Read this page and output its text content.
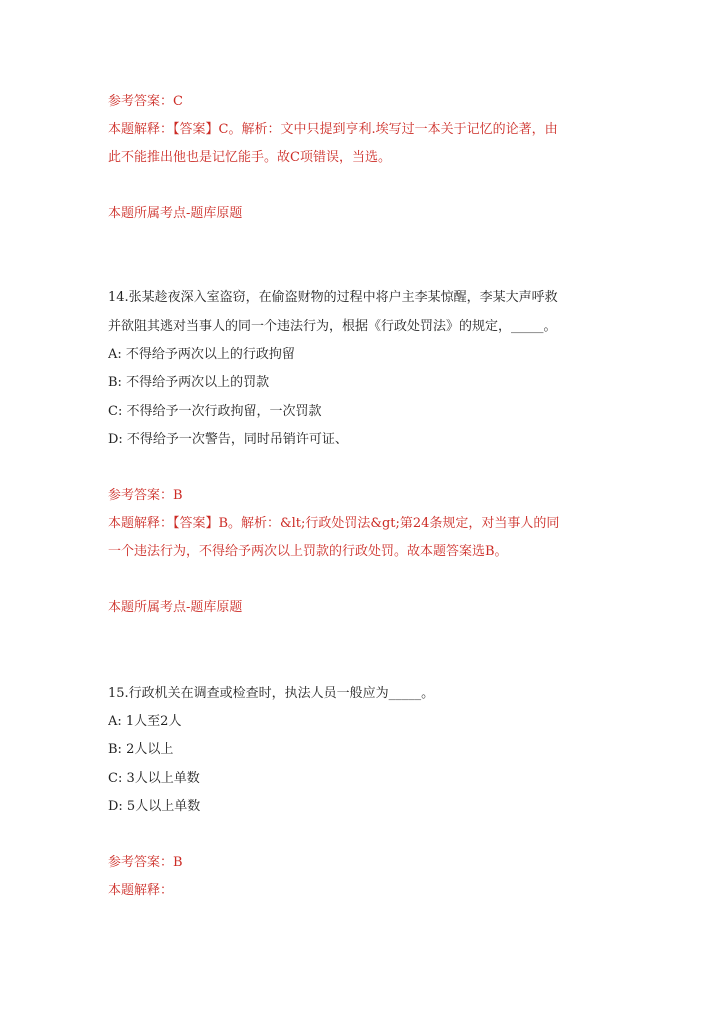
参考答案：C
本题解释：【答案】C。解析：文中只提到亨利.埃写过一本关于记忆的论著，由
此不能推出他也是记忆能手。故C项错误，当选。
本题所属考点-题库原题
14.张某趁夜深入室盗窃，在偷盗财物的过程中将户主李某惊醒，李某大声呼救
并欲阻其逃对当事人的同一个违法行为，根据《行政处罚法》的规定，_____。
A: 不得给予两次以上的行政拘留
B: 不得给予两次以上的罚款
C: 不得给予一次行政拘留，一次罚款
D: 不得给予一次警告，同时吊销许可证、
参考答案：B
本题解释：【答案】B。解析：&lt;行政处罚法&gt;第24条规定，对当事人的同
一个违法行为，不得给予两次以上罚款的行政处罚。故本题答案选B。
本题所属考点-题库原题
15.行政机关在调查或检查时，执法人员一般应为_____。
A: 1人至2人
B: 2人以上
C: 3人以上单数
D: 5人以上单数
参考答案：B
本题解释：
